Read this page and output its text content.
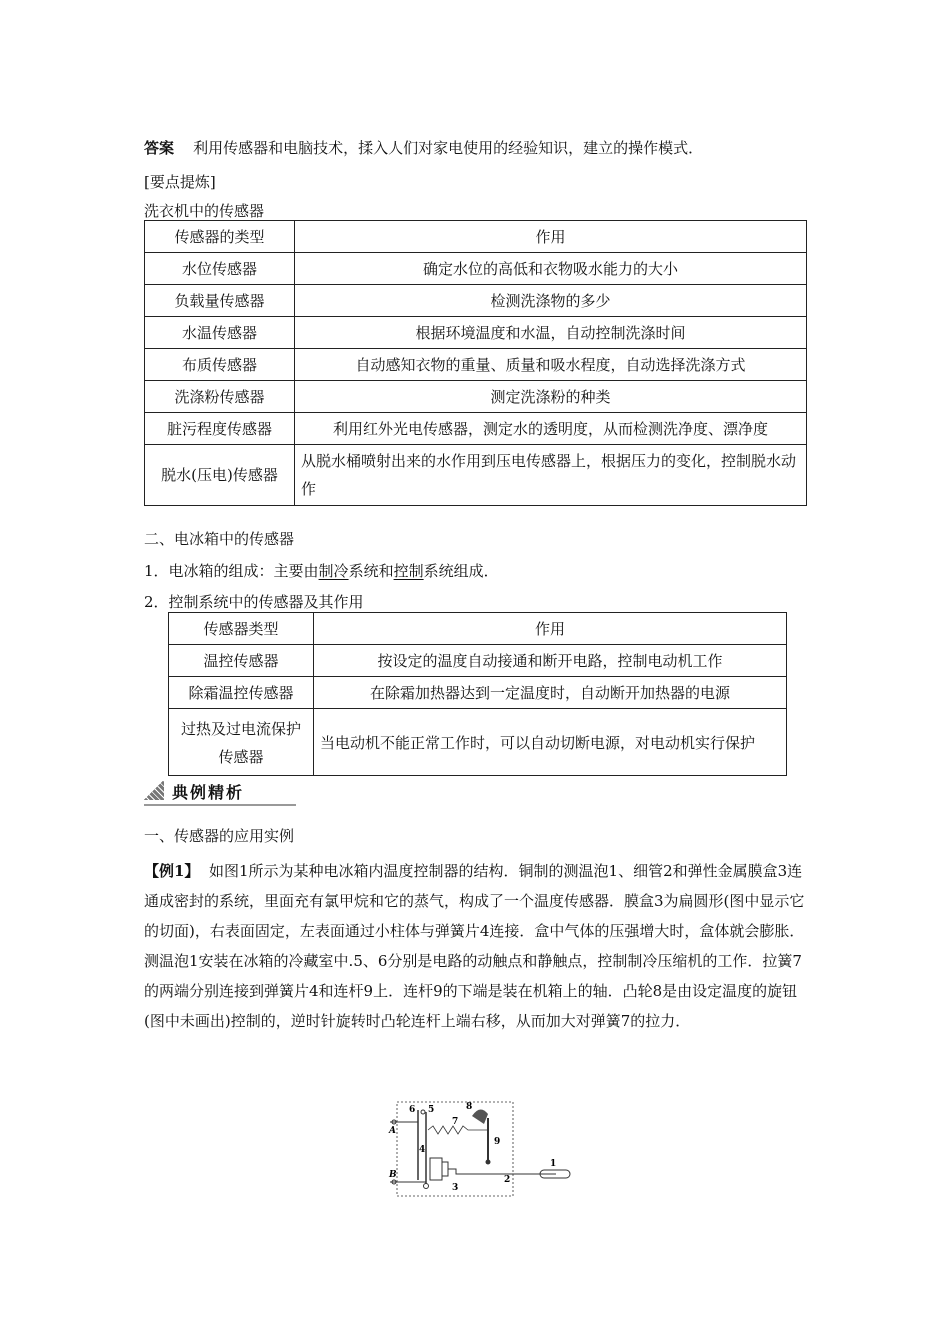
答案 利用传感器和电脑技术，揉入人们对家电使用的经验知识，建立的操作模式．
[要点提炼]
洗衣机中的传感器
传感器的类型	作用
水位传感器	确定水位的高低和衣物吸水能力的大小
负载量传感器	检测洗涤物的多少
水温传感器	根据环境温度和水温，自动控制洗涤时间
布质传感器	自动感知衣物的重量、质量和吸水程度，自动选择洗涤方式
洗涤粉传感器	测定洗涤粉的种类
脏污程度传感器	利用红外光电传感器，测定水的透明度，从而检测洗净度、漂净度
脱水(压电)传感器	从脱水桶喷射出来的水作用到压电传感器上，根据压力的变化，控制脱水动作
二、电冰箱中的传感器
1．电冰箱的组成：主要由制冷系统和控制系统组成．
2．控制系统中的传感器及其作用
传感器类型	作用
温控传感器	按设定的温度自动接通和断开电路，控制电动机工作
除霜温控传感器	在除霜加热器达到一定温度时，自动断开加热器的电源
过热及过电流保护传感器	当电动机不能正常工作时，可以自动切断电源，对电动机实行保护
典例精析
一、传感器的应用实例
【例1】 如图1所示为某种电冰箱内温度控制器的结构．铜制的测温泡1、细管2和弹性金属膜盒3连通成密封的系统，里面充有氯甲烷和它的蒸气，构成了一个温度传感器．膜盒3为扁圆形(图中显示它的切面)，右表面固定，左表面通过小柱体与弹簧片4连接．盒中气体的压强增大时，盒体就会膨胀．测温泡1安装在冰箱的冷藏室中.5、6分别是电路的动触点和静触点，控制制冷压缩机的工作．拉簧7的两端分别连接到弹簧片4和连杆9上．连杆9的下端是装在机箱上的轴．凸轮8是由设定温度的旋钮(图中未画出)控制的，逆时针旋转时凸轮连杆上端右移，从而加大对弹簧7的拉力．
6 5	8
7
9
4
3
2
1
A
B
